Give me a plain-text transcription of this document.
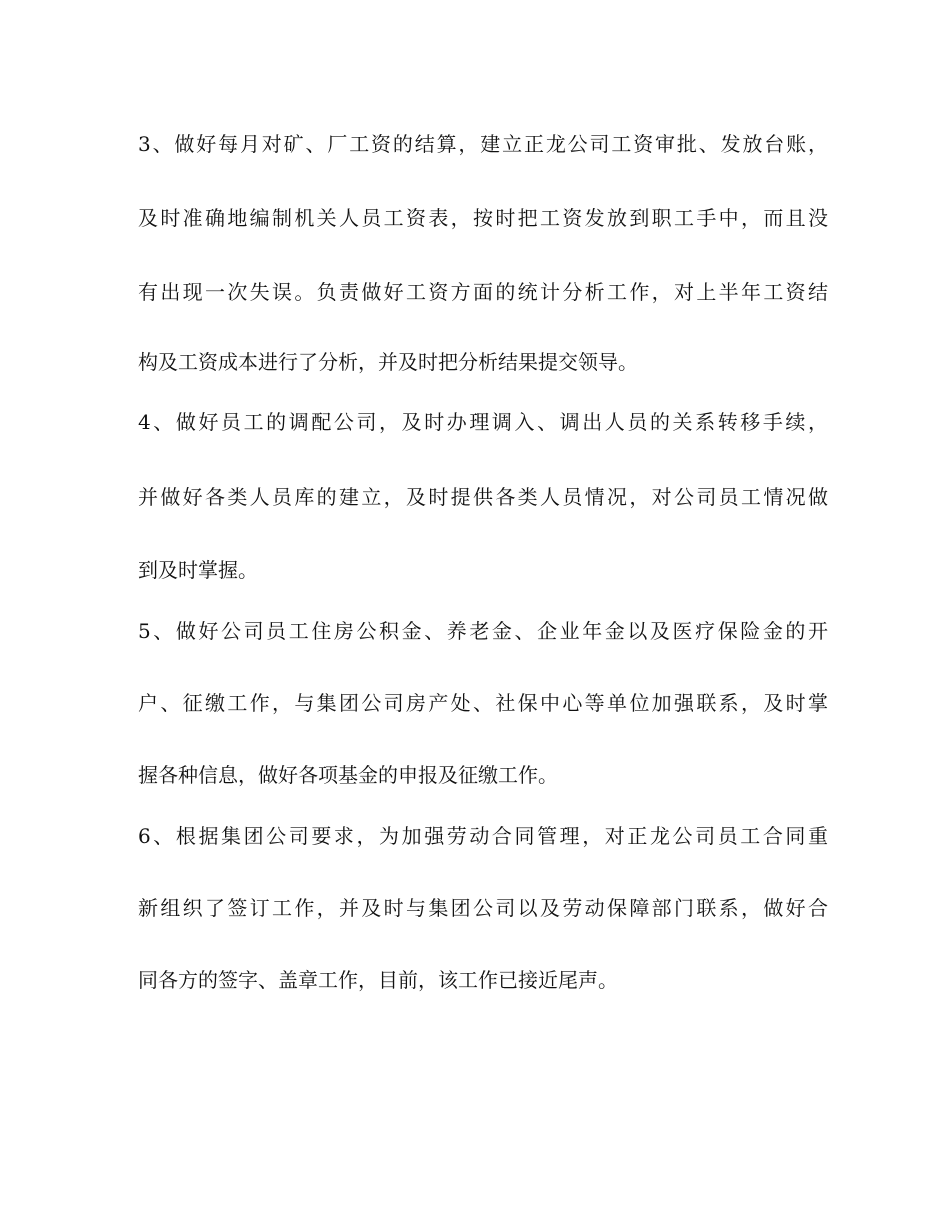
3、做好每月对矿、厂工资的结算，建立正龙公司工资审批、发放台账，
及时准确地编制机关人员工资表，按时把工资发放到职工手中，而且没
有出现一次失误。负责做好工资方面的统计分析工作，对上半年工资结
构及工资成本进行了分析，并及时把分析结果提交领导。
4、做好员工的调配公司，及时办理调入、调出人员的关系转移手续，
并做好各类人员库的建立，及时提供各类人员情况，对公司员工情况做
到及时掌握。
5、做好公司员工住房公积金、养老金、企业年金以及医疗保险金的开
户、征缴工作，与集团公司房产处、社保中心等单位加强联系，及时掌
握各种信息，做好各项基金的申报及征缴工作。
6、根据集团公司要求，为加强劳动合同管理，对正龙公司员工合同重
新组织了签订工作，并及时与集团公司以及劳动保障部门联系，做好合
同各方的签字、盖章工作，目前，该工作已接近尾声。
